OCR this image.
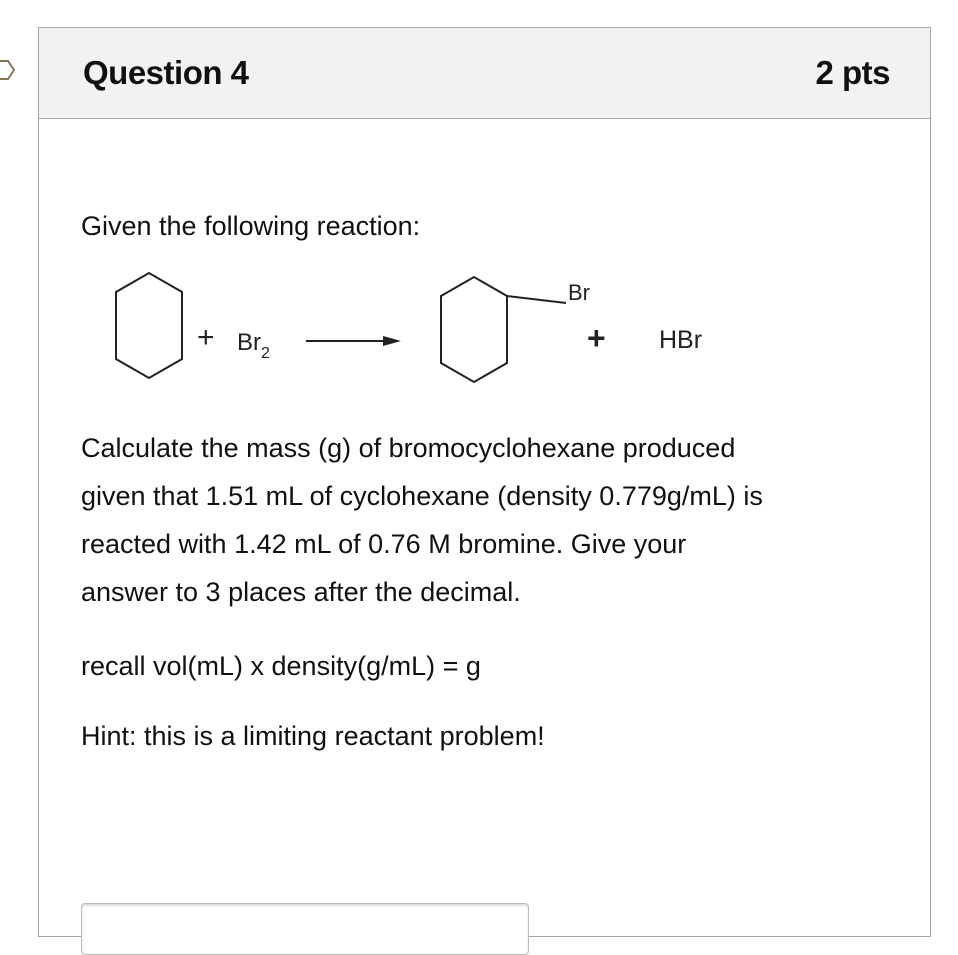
Question 4	2 pts
Given the following reaction:
+ $Br_2$
Br
+ HBr
Calculate the mass (g) of bromocyclohexane produced
given that 1.51 mL of cyclohexane (density 0.779g/mL) is
reacted with 1.42 mL of 0.76 M bromine. Give your
answer to 3 places after the decimal.
recall vol(mL) x density(g/mL) = g
Hint: this is a limiting reactant problem!
